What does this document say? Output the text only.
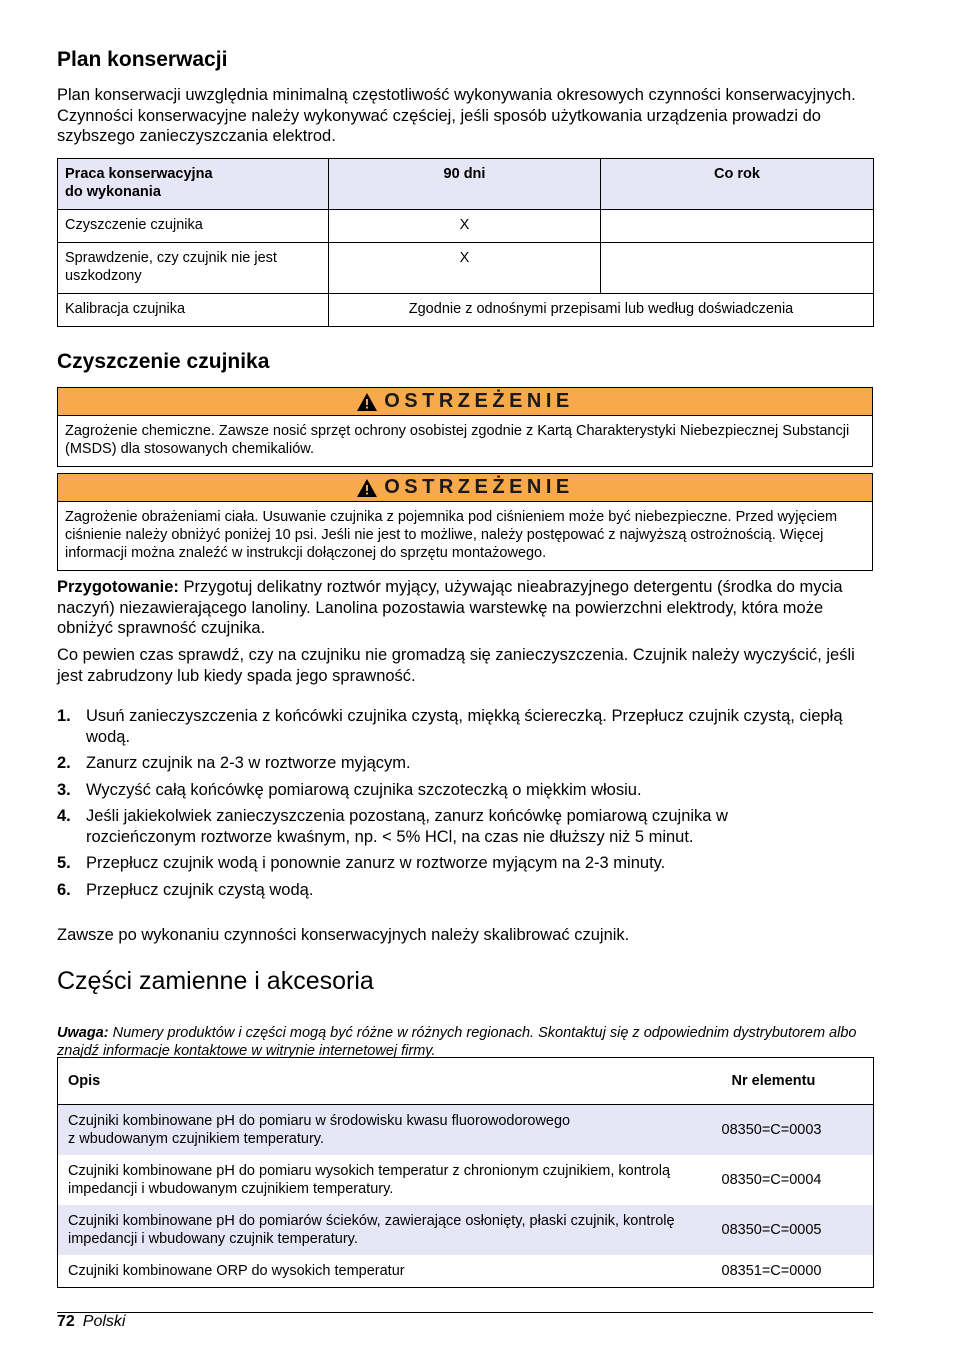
Plan konserwacji

Plan konserwacji uwzględnia minimalną częstotliwość wykonywania okresowych czynności konserwacyjnych. Czynności konserwacyjne należy wykonywać częściej, jeśli sposób użytkowania urządzenia prowadzi do szybszego zanieczyszczania elektrod.

Praca konserwacyjna
do wykonania	90 dni	Co rok
Czyszczenie czujnika	X	
Sprawdzenie, czy czujnik nie jest uszkodzony	X	
Kalibracja czujnika	Zgodnie z odnośnymi przepisami lub według doświadczenia	
Czyszczenie czujnika
OSTRZEŻENIE
Zagrożenie chemiczne. Zawsze nosić sprzęt ochrony osobistej zgodnie z Kartą Charakterystyki Niebezpiecznej Substancji (MSDS) dla stosowanych chemikaliów.
OSTRZEŻENIE
Zagrożenie obrażeniami ciała. Usuwanie czujnika z pojemnika pod ciśnieniem może być niebezpieczne. Przed wyjęciem ciśnienie należy obniżyć poniżej 10 psi. Jeśli nie jest to możliwe, należy postępować z najwyższą ostrożnością. Więcej informacji można znaleźć w instrukcji dołączonej do sprzętu montażowego.

Przygotowanie: Przygotuj delikatny roztwór myjący, używając nieabrazyjnego detergentu (środka do mycia naczyń) niezawierającego lanoliny. Lanolina pozostawia warstewkę na powierzchni elektrody, która może obniżyć sprawność czujnika.

Co pewien czas sprawdź, czy na czujniku nie gromadzą się zanieczyszczenia. Czujnik należy wyczyścić, jeśli jest zabrudzony lub kiedy spada jego sprawność.

1. Usuń zanieczyszczenia z końcówki czujnika czystą, miękką ściereczką. Przepłucz czujnik czystą, ciepłą wodą.
2. Zanurz czujnik na 2-3 w roztworze myjącym.
3. Wyczyść całą końcówkę pomiarową czujnika szczoteczką o miękkim włosiu.
4. Jeśli jakiekolwiek zanieczyszczenia pozostaną, zanurz końcówkę pomiarową czujnika w rozcieńczonym roztworze kwaśnym, np. < 5% HCl, na czas nie dłuższy niż 5 minut.
5. Przepłucz czujnik wodą i ponownie zanurz w roztworze myjącym na 2-3 minuty.
6. Przepłucz czujnik czystą wodą.

Zawsze po wykonaniu czynności konserwacyjnych należy skalibrować czujnik.

Części zamienne i akcesoria

Uwaga: Numery produktów i części mogą być różne w różnych regionach. Skontaktuj się z odpowiednim dystrybutorem albo znajdź informacje kontaktowe w witrynie internetowej firmy.

Opis	Nr elementu
Czujniki kombinowane pH do pomiaru w środowisku kwasu fluorowodorowego
z wbudowanym czujnikiem temperatury.	08350=C=0003
Czujniki kombinowane pH do pomiaru wysokich temperatur z chronionym czujnikiem, kontrolą impedancji i wbudowanym czujnikiem temperatury.	08350=C=0004
Czujniki kombinowane pH do pomiarów ścieków, zawierające osłonięty, płaski czujnik, kontrolę impedancji i wbudowany czujnik temperatury.	08350=C=0005
Czujniki kombinowane ORP do wysokich temperatur	08351=C=0000
72 Polski
